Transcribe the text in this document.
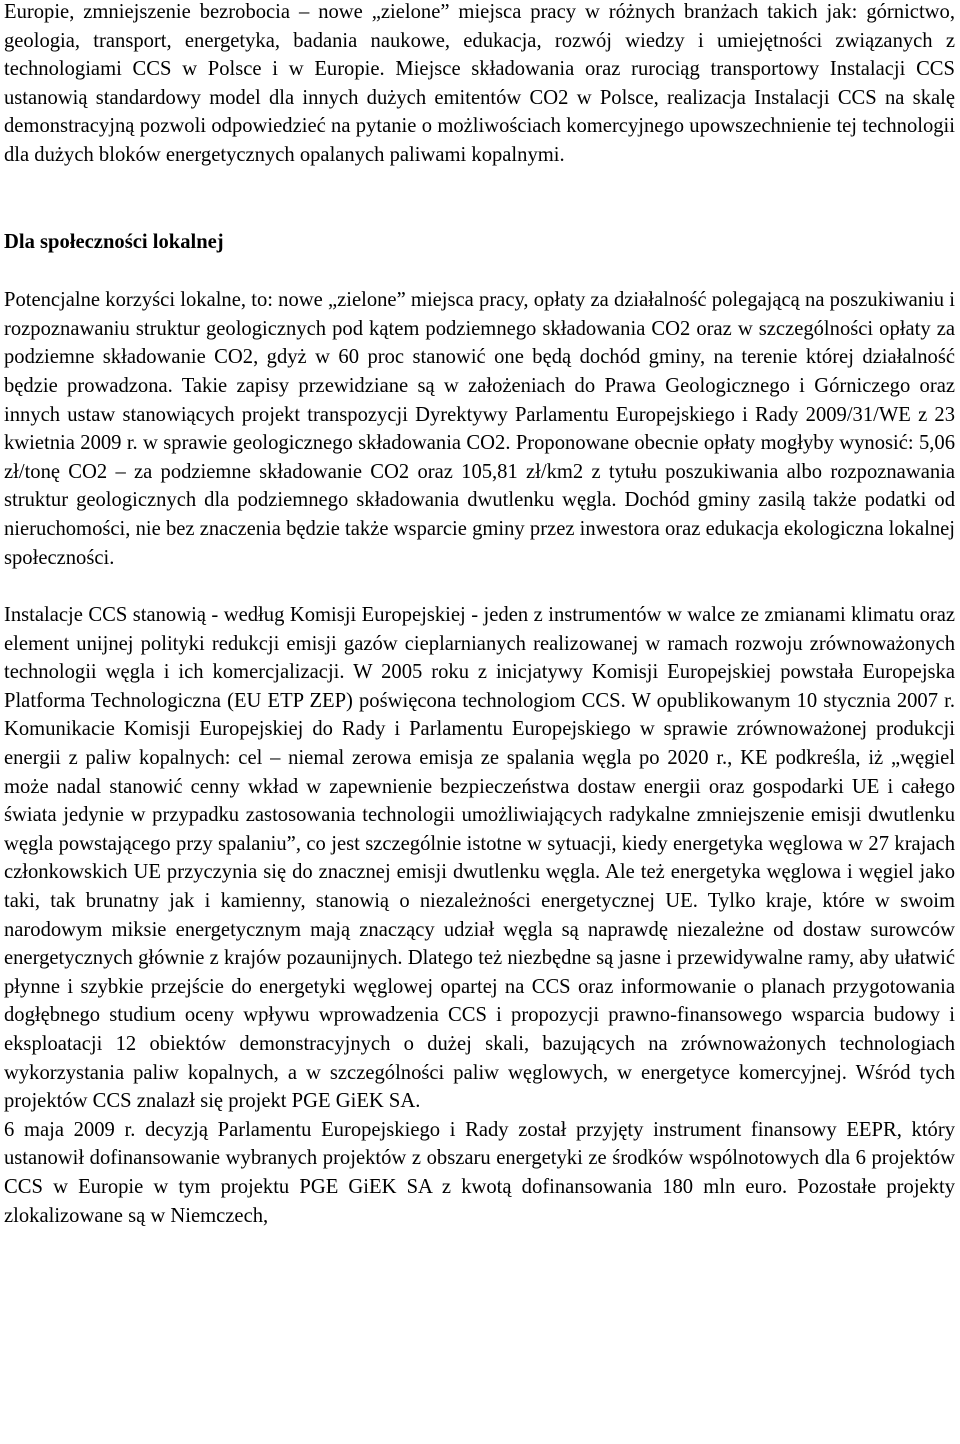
Europie, zmniejszenie bezrobocia – nowe „zielone” miejsca pracy w różnych branżach takich jak: górnictwo, geologia, transport, energetyka, badania naukowe, edukacja, rozwój wiedzy i umiejętności związanych z technologiami CCS w Polsce i w Europie. Miejsce składowania oraz rurociąg transportowy Instalacji CCS ustanowią standardowy model dla innych dużych emitentów CO2 w Polsce, realizacja Instalacji CCS na skalę demonstracyjną pozwoli odpowiedzieć na pytanie o możliwościach komercyjnego upowszechnienie tej technologii dla dużych bloków energetycznych opalanych paliwami kopalnymi.

Dla społeczności lokalnej

Potencjalne korzyści lokalne, to: nowe „zielone” miejsca pracy, opłaty za działalność polegającą na poszukiwaniu i rozpoznawaniu struktur geologicznych pod kątem podziemnego składowania CO2 oraz w szczególności opłaty za podziemne składowanie CO2, gdyż w 60 proc stanowić one będą dochód gminy, na terenie której działalność będzie prowadzona. Takie zapisy przewidziane są w założeniach do Prawa Geologicznego i Górniczego oraz innych ustaw stanowiących projekt transpozycji Dyrektywy Parlamentu Europejskiego i Rady 2009/31/WE z 23 kwietnia 2009 r. w sprawie geologicznego składowania CO2. Proponowane obecnie opłaty mogłyby wynosić: 5,06 zł/tonę CO2 – za podziemne składowanie CO2 oraz 105,81 zł/km2 z tytułu poszukiwania albo rozpoznawania struktur geologicznych dla podziemnego składowania dwutlenku węgla. Dochód gminy zasilą także podatki od nieruchomości, nie bez znaczenia będzie także wsparcie gminy przez inwestora oraz edukacja ekologiczna lokalnej społeczności.

Instalacje CCS stanowią - według Komisji Europejskiej - jeden z instrumentów w walce ze zmianami klimatu oraz element unijnej polityki redukcji emisji gazów cieplarnianych realizowanej w ramach rozwoju zrównoważonych technologii węgla i ich komercjalizacji. W 2005 roku z inicjatywy Komisji Europejskiej powstała Europejska Platforma Technologiczna (EU ETP ZEP) poświęcona technologiom CCS. W opublikowanym 10 stycznia 2007 r. Komunikacie Komisji Europejskiej do Rady i Parlamentu Europejskiego w sprawie zrównoważonej produkcji energii z paliw kopalnych: cel – niemal zerowa emisja ze spalania węgla po 2020 r., KE podkreśla, iż „węgiel może nadal stanowić cenny wkład w zapewnienie bezpieczeństwa dostaw energii oraz gospodarki UE i całego świata jedynie w przypadku zastosowania technologii umożliwiających radykalne zmniejszenie emisji dwutlenku węgla powstającego przy spalaniu”, co jest szczególnie istotne w sytuacji, kiedy energetyka węglowa w 27 krajach członkowskich UE przyczynia się do znacznej emisji dwutlenku węgla. Ale też energetyka węglowa i węgiel jako taki, tak brunatny jak i kamienny, stanowią o niezależności energetycznej UE. Tylko kraje, które w swoim narodowym miksie energetycznym mają znaczący udział węgla są naprawdę niezależne od dostaw surowców energetycznych głównie z krajów pozaunijnych. Dlatego też niezbędne są jasne i przewidywalne ramy, aby ułatwić płynne i szybkie przejście do energetyki węglowej opartej na CCS oraz informowanie o planach przygotowania dogłębnego studium oceny wpływu wprowadzenia CCS i propozycji prawno-finansowego wsparcia budowy i eksploatacji 12 obiektów demonstracyjnych o dużej skali, bazujących na zrównoważonych technologiach wykorzystania paliw kopalnych, a w szczególności paliw węglowych, w energetyce komercyjnej. Wśród tych projektów CCS znalazł się projekt PGE GiEK SA.

6 maja 2009 r. decyzją Parlamentu Europejskiego i Rady został przyjęty instrument finansowy EEPR, który ustanowił dofinansowanie wybranych projektów z obszaru energetyki ze środków wspólnotowych dla 6 projektów CCS w Europie w tym projektu PGE GiEK SA z kwotą dofinansowania 180 mln euro. Pozostałe projekty zlokalizowane są w Niemczech,
